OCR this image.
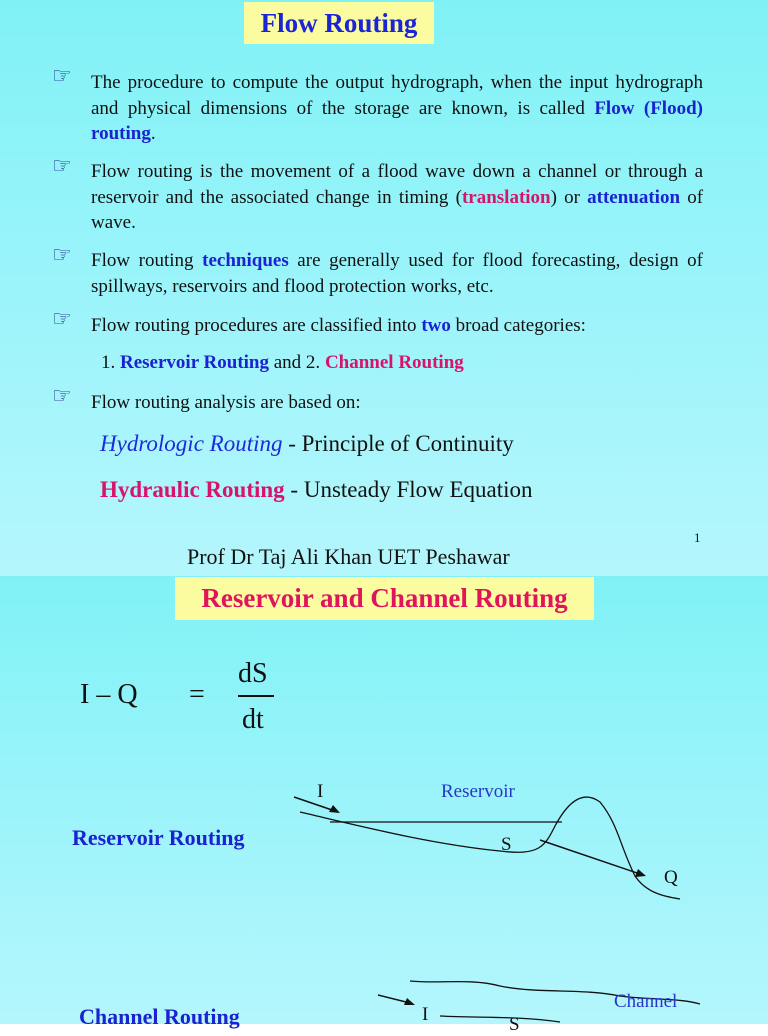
Flow Routing
☞	The procedure to compute the output hydrograph, when the input hydrograph and physical dimensions of the storage are known, is called Flow (Flood) routing.
☞	Flow routing is the movement of a flood wave down a channel or through a reservoir and the associated change in timing (translation) or attenuation of wave.
☞	Flow routing techniques are generally used for flood forecasting, design of spillways, reservoirs and flood protection works, etc.
☞	Flow routing procedures are classified into two broad categories:
1. Reservoir Routing and 2. Channel Routing
☞	Flow routing analysis are based on:
Hydrologic Routing - Principle of Continuity
Hydraulic Routing - Unsteady Flow Equation
1
Prof Dr Taj Ali Khan UET Peshawar
Reservoir and Channel Routing
I – Q =
dS
dt
Reservoir Routing
I	Reservoir
S
Q
Channel Routing
Channel
I	S
